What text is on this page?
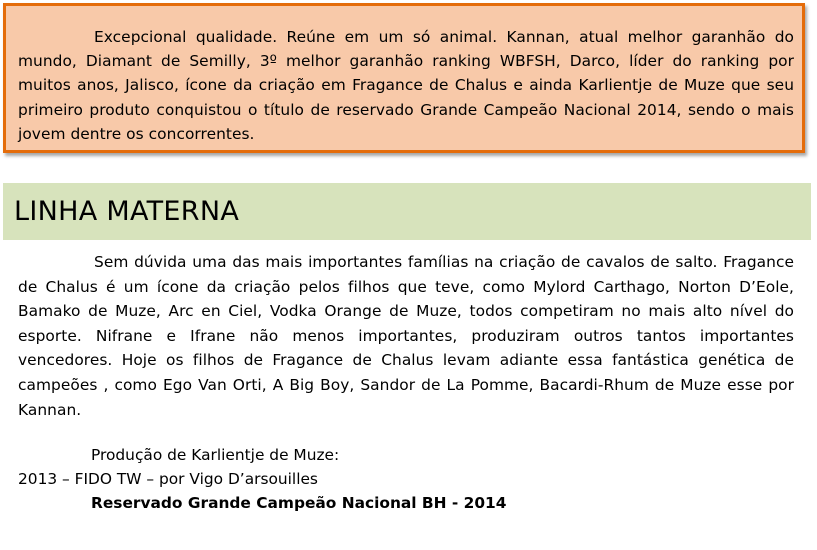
Excepcional qualidade. Reúne em um só animal. Kannan, atual melhor garanhão do mundo, Diamant de Semilly, 3º melhor garanhão ranking WBFSH, Darco, líder do ranking por muitos anos, Jalisco, ícone da criação em Fragance de Chalus e ainda Karlientje de Muze que seu primeiro produto conquistou o título de reservado Grande Campeão Nacional 2014, sendo o mais jovem dentre os concorrentes.

LINHA MATERNA

Sem dúvida uma das mais importantes famílias na criação de cavalos de salto. Fragance de Chalus é um ícone da criação pelos filhos que teve, como Mylord Carthago, Norton D’Eole, Bamako de Muze, Arc en Ciel, Vodka Orange de Muze, todos competiram no mais alto nível do esporte. Nifrane e Ifrane não menos importantes, produziram outros tantos importantes vencedores. Hoje os filhos de Fragance de Chalus levam adiante essa fantástica genética de campeões , como Ego Van Orti, A Big Boy, Sandor de La Pomme, Bacardi-Rhum de Muze esse por Kannan.

Produção de Karlientje de Muze:

2013 – FIDO TW – por Vigo D’arsouilles

Reservado Grande Campeão Nacional BH - 2014
